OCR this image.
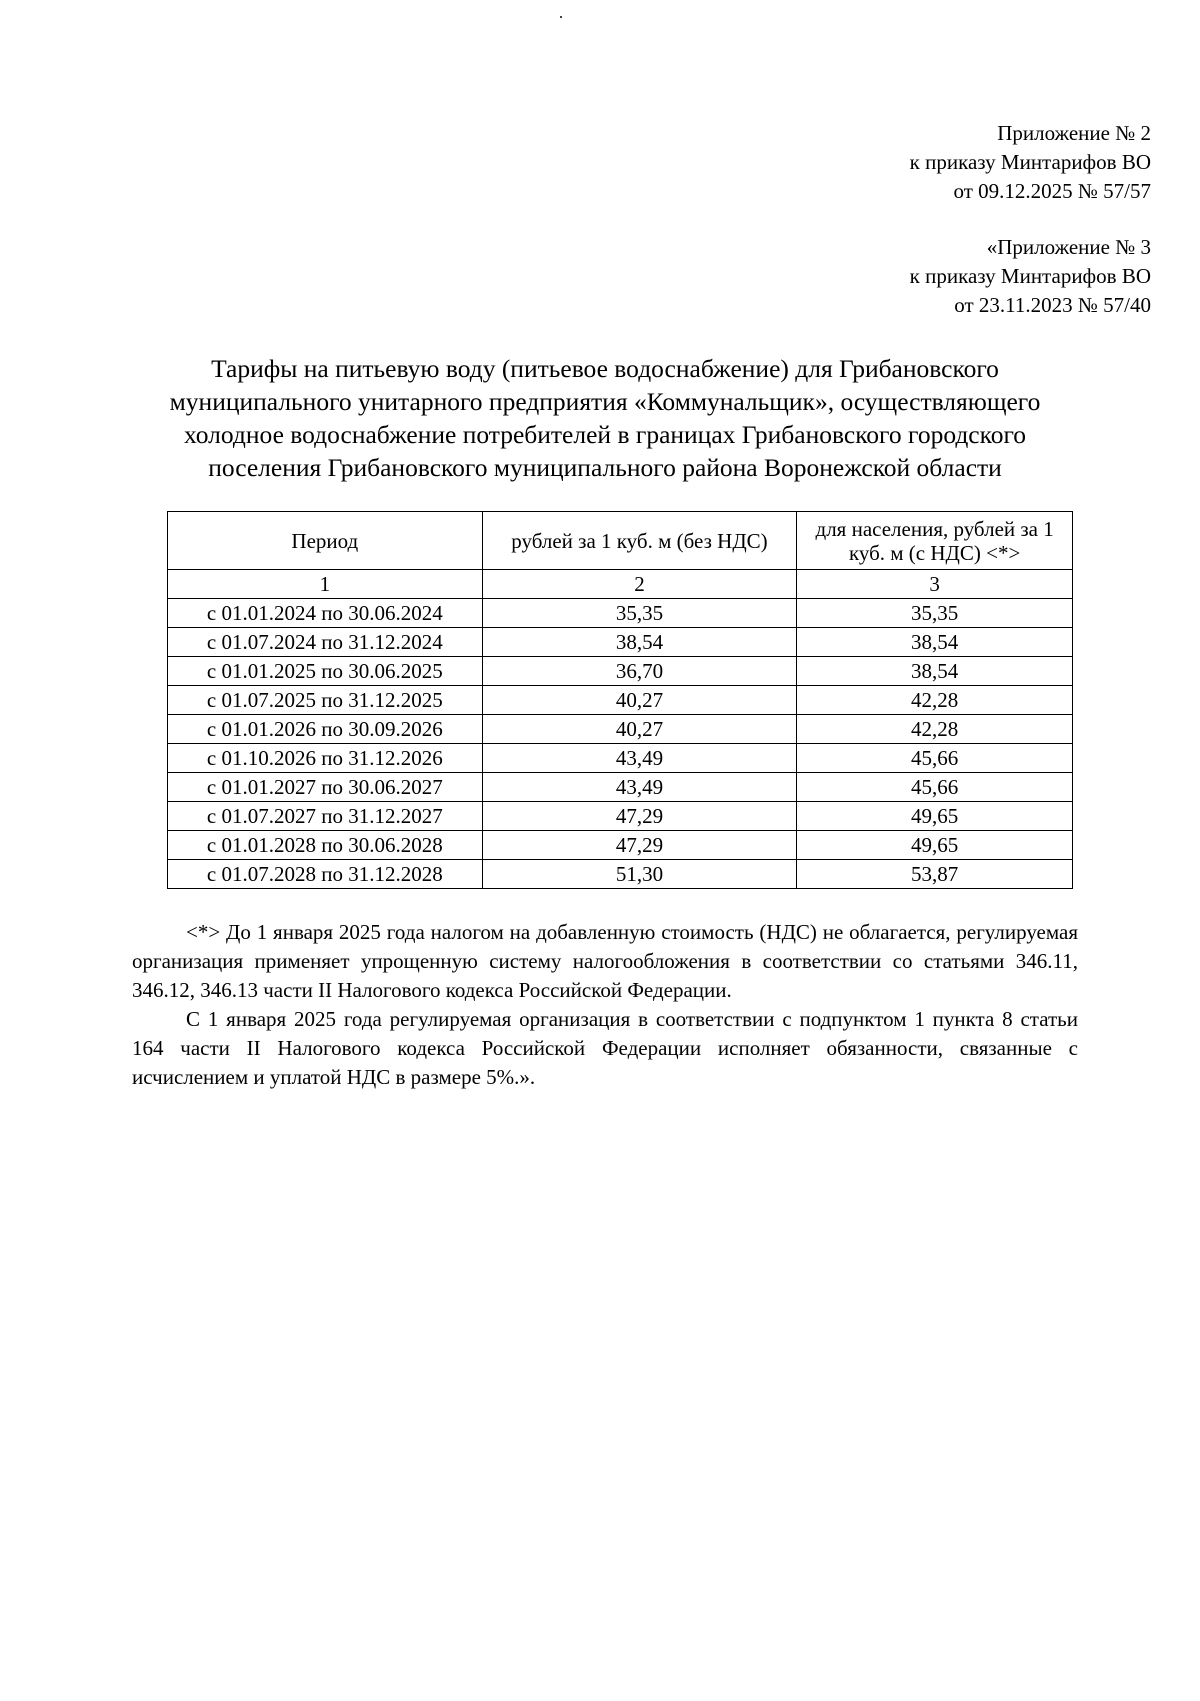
Приложение № 2
к приказу Минтарифов ВО
от 09.12.2025 № 57/57
«Приложение № 3
к приказу Минтарифов ВО
от 23.11.2023 № 57/40
Тарифы на питьевую воду (питьевое водоснабжение) для Грибановского
муниципального унитарного предприятия «Коммунальщик», осуществляющего
холодное водоснабжение потребителей в границах Грибановского городского
поселения Грибановского муниципального района Воронежской области
Период	рублей за 1 куб. м (без НДС)	для населения, рублей за 1 куб. м (с НДС) <*>
1	2	3
с 01.01.2024 по 30.06.2024	35,35	35,35
с 01.07.2024 по 31.12.2024	38,54	38,54
с 01.01.2025 по 30.06.2025	36,70	38,54
с 01.07.2025 по 31.12.2025	40,27	42,28
с 01.01.2026 по 30.09.2026	40,27	42,28
с 01.10.2026 по 31.12.2026	43,49	45,66
с 01.01.2027 по 30.06.2027	43,49	45,66
с 01.07.2027 по 31.12.2027	47,29	49,65
с 01.01.2028 по 30.06.2028	47,29	49,65
с 01.07.2028 по 31.12.2028	51,30	53,87

<*> До 1 января 2025 года налогом на добавленную стоимость (НДС) не облагается, регулируемая организация применяет упрощенную систему налогообложения в соответствии со статьями 346.11, 346.12, 346.13 части II Налогового кодекса Российской Федерации.

С 1 января 2025 года регулируемая организация в соответствии с подпунктом 1 пункта 8 статьи 164 части II Налогового кодекса Российской Федерации исполняет обязанности, связанные с исчислением и уплатой НДС в размере 5%.».
